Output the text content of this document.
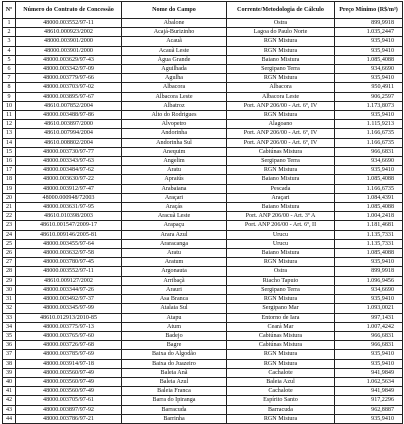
Nº	Número do Contrato de Concessão	Nome do Campo	Corrente/Metodologia de Cálculo	Preço Mínimo (R$/m³)
1	48000.003552/97-11	Abalone	Ostra	899,9918
2	48610.000923/2002	Acajá-Burizinho	Lagoa do Paulo Norte	1.035,2447
3	48000.003901/2000	Acauã	RGN Mistura	935,9410
4	48000.003901/2000	Acauã Leste	RGN Mistura	935,9410
5	48000.003629/97-43	Água Grande	Baiano Mistura	1.085,4088
6	48000.003342/97-09	Aguilhada	Sergipano Terra	934,6690
7	48000.003779/97-66	Agulha	RGN Mistura	935,9410
8	48000.003703/97-02	Albacora	Albacora	950,4911
9	48000.003895/97-67	Albacora Leste	Albacora Leste	906,2597
10	48610.007852/2004	Albatroz	Port. ANP 206/00 - Art. 6º, IV	1.173,8073
11	48000.003488/97-86	Alto do Rodrigues	RGN Mistura	935,9410
12	48610.003897/2000	Alvopetro	Alagoano	1.115,9213
13	48610.007994/2004	Andorinha	Port. ANP 206/00 - Art. 6º, IV	1.166,6735
14	48610.008802/2004	Andorinha Sul	Port. ANP 206/00 - Art. 6º, IV	1.166,6735
15	48000.003730/97-77	Anequim	Cabiúnas Mistura	966,6831
16	48000.003343/97-63	Angelim	Sergipano Terra	934,6690
17	48000.003484/97-62	Aratu	RGN Mistura	935,9410
18	48000.003630/97-22	Apraiús	Baiano Mistura	1.085,4088
19	48000.003912/97-47	Arabaiana	Pescada	1.166,6735
20	48000.000948/72003	Araçari	Araçari	1.084,4391
21	48000.003631/97-95	Araçás	Baiano Mistura	1.085,4088
22	48610.010398/2003	Aracuã Leste	Port. ANP 206/00 - Art. 3º A	1.004,2418
23	48610.001547/2009-17	Arapaçu	Port. ANP 206/00 - Art. 6º, II	1.181,4681
24	48610.009146/2005-81	Arara Azul	Urucu	1.135,7331
25	48000.003455/97-64	Araracanga	Urucu	1.135,7331
26	48000.003632/97-58	Aratu	Baiano Mistura	1.085,4088
27	48000.003780/97-45	Aratum	RGN Mistura	935,9410
28	48000.003552/97-11	Argonauta	Ostra	899,9918
29	48610.009127/2002	Arribaçã	Riacho Tapuio	1.096,9456
30	48000.003344/97-26	Arauri	Sergipano Terra	934,6690
31	48000.003492/97-37	Asa Branca	RGN Mistura	935,9410
32	48000.003345/97-99	Atalaia Sul	Sergipano Mar	1.093,0021
33	48610.012913/2010-85	Atapu	Entorno de Iara	997,1431
34	48000.003775/97-13	Atum	Ceará Mar	1.007,4242
35	48000.003765/97-60	Badejo	Cabiúnas Mistura	966,6831
36	48000.003726/97-68	Bagre	Cabiúnas Mistura	966,6831
37	48000.003785/97-69	Baixa do Algodão	RGN Mistura	935,9410
38	48000.003914/97-18	Baixa do Juazeiro	RGN Mistura	935,9410
39	48000.003560/97-49	Baleia Anã	Cachalote	941,9849
40	48000.003560/97-49	Baleia Azul	Baleia Azul	1.062,5634
41	48000.003560/97-49	Baleia Franca	Cachalote	941,9849
42	48000.003705/97-61	Barra do Ipiranga	Espírito Santo	917,2296
43	48000.003897/97-92	Barracuda	Barracuda	962,8887
44	48000.003786/97-21	Barrinha	RGN Mistura	935,9410
